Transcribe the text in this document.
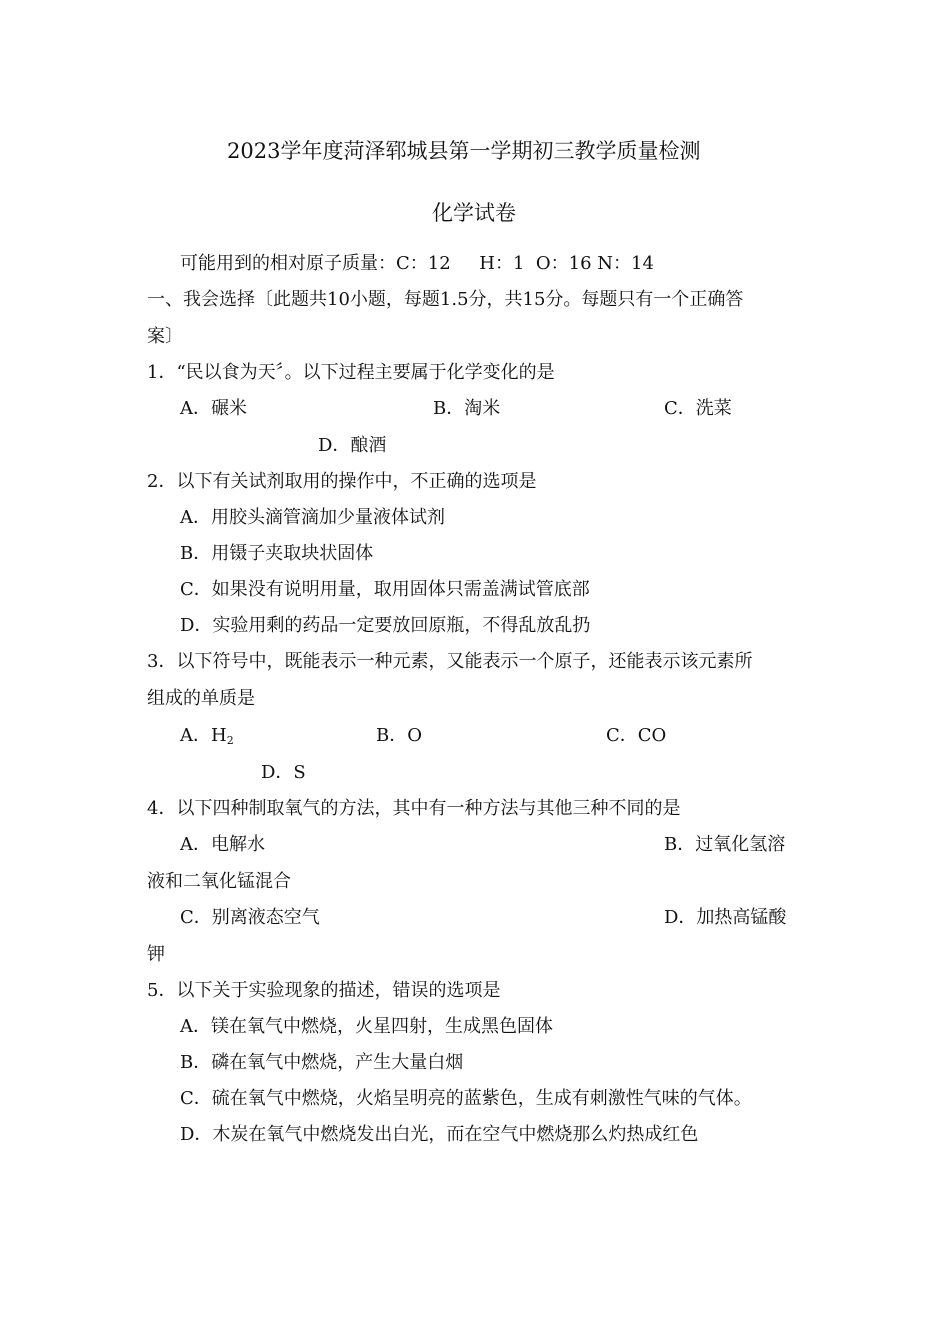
2023学年度菏泽郓城县第一学期初三教学质量检测
化学试卷
可能用到的相对原子质量：C：12     H：1  O：16 N：14
一、我会选择〔此题共10小题，每题1.5分，共15分。每题只有一个正确答
案〕
1．“民以食为天〞。以下过程主要属于化学变化的是
A．碾米	B．淘米	C．洗菜
D．酿酒
2．以下有关试剂取用的操作中，不正确的选项是
A．用胶头滴管滴加少量液体试剂
B．用镊子夹取块状固体
C．如果没有说明用量，取用固体只需盖满试管底部
D．实验用剩的药品一定要放回原瓶，不得乱放乱扔
3．以下符号中，既能表示一种元素，又能表示一个原子，还能表示该元素所
组成的单质是
A．$H_2$	B．O	C．CO
D．S
4．以下四种制取氧气的方法，其中有一种方法与其他三种不同的是
A．电解水	B．过氧化氢溶
液和二氧化锰混合
C．别离液态空气	D．加热高锰酸
钾
5．以下关于实验现象的描述，错误的选项是
A．镁在氧气中燃烧，火星四射，生成黑色固体
B．磷在氧气中燃烧，产生大量白烟
C．硫在氧气中燃烧，火焰呈明亮的蓝紫色，生成有刺激性气味的气体。
D．木炭在氧气中燃烧发出白光，而在空气中燃烧那么灼热成红色
